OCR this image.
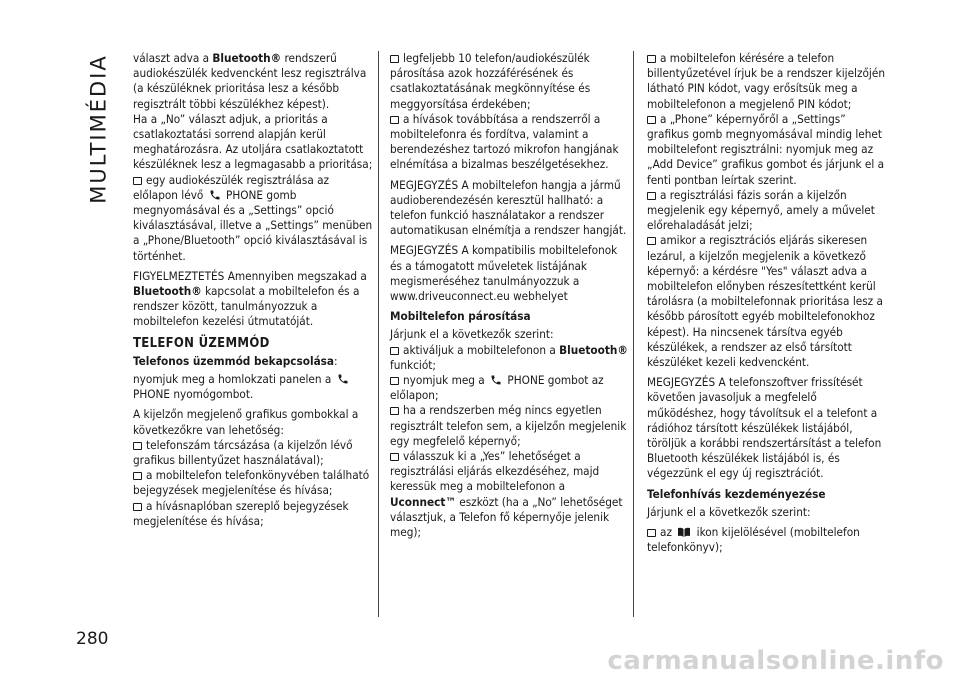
MULTIMÉDIA
280

választ adva a Bluetooth® rendszerű audiokészülék kedvencként lesz regisztrálva (a készüléknek prioritása lesz a később regisztrált többi készülékhez képest).

Ha a „No” választ adjuk, a prioritás a csatlakoztatási sorrend alapján kerül meghatározásra. Az utoljára csatlakoztatott készüléknek lesz a legmagasabb a prioritása;

egy audiokészülék regisztrálása az előlapon lévő  PHONE gomb megnyomásával és a „Settings” opció kiválasztásával, illetve a „Settings” menüben a „Phone/Bluetooth” opció kiválasztásával is történhet.

FIGYELMEZTETÉS Amennyiben megszakad a Bluetooth® kapcsolat a mobiltelefon és a rendszer között, tanulmányozzuk a mobiltelefon kezelési útmutatóját.

TELEFON ÜZEMMÓD
Telefonos üzemmód bekapcsolása:

nyomjuk meg a homlokzati panelen a  PHONE nyomógombot.

A kijelzőn megjelenő grafikus gombokkal a következőkre van lehetőség:

telefonszám tárcsázása (a kijelzőn lévő grafikus billentyűzet használatával);

a mobiltelefon telefonkönyvében található bejegyzések megjelenítése és hívása;

a hívásnaplóban szereplő bejegyzések megjelenítése és hívása;

legfeljebb 10 telefon/audiokészülék párosítása azok hozzáférésének és csatlakoztatásának megkönnyítése és meggyorsítása érdekében;

a hívások továbbítása a rendszerről a mobiltelefonra és fordítva, valamint a berendezéshez tartozó mikrofon hangjának elnémítása a bizalmas beszélgetésekhez.

MEGJEGYZÉS A mobiltelefon hangja a jármű audioberendezésén keresztül hallható: a telefon funkció használatakor a rendszer automatikusan elnémítja a rendszer hangját.

MEGJEGYZÉS A kompatibilis mobiltelefonok és a támogatott műveletek listájának megismeréséhez tanulmányozzuk a www.driveuconnect.eu webhelyet

Mobiltelefon párosítása

Járjunk el a következők szerint:

aktiváljuk a mobiltelefonon a Bluetooth® funkciót;

nyomjuk meg a  PHONE gombot az előlapon;

ha a rendszerben még nincs egyetlen regisztrált telefon sem, a kijelzőn megjelenik egy megfelelő képernyő;

válasszuk ki a „Yes” lehetőséget a regisztrálási eljárás elkezdéséhez, majd keressük meg a mobiltelefonon a Uconnect™ eszközt (ha a „No” lehetőséget választjuk, a Telefon fő képernyője jelenik meg);

a mobiltelefon kérésére a telefon billentyűzetével írjuk be a rendszer kijelzőjén látható PIN kódot, vagy erősítsük meg a mobiltelefonon a megjelenő PIN kódot;

a „Phone” képernyőről a „Settings” grafikus gomb megnyomásával mindig lehet mobiltelefont regisztrálni: nyomjuk meg az „Add Device” grafikus gombot és járjunk el a fenti pontban leírtak szerint.

a regisztrálási fázis során a kijelzőn megjelenik egy képernyő, amely a művelet előrehaladását jelzi;

amikor a regisztrációs eljárás sikeresen lezárul, a kijelzőn megjelenik a következő képernyő: a kérdésre "Yes" választ adva a mobiltelefon előnyben részesítettként kerül tárolásra (a mobiltelefonnak prioritása lesz a később párosított egyéb mobiltelefonokhoz képest). Ha nincsenek társítva egyéb készülékek, a rendszer az első társított készüléket kezeli kedvencként.

MEGJEGYZÉS A telefonszoftver frissítését követően javasoljuk a megfelelő működéshez, hogy távolítsuk el a telefont a rádióhoz társított készülékek listájából, töröljük a korábbi rendszertársítást a telefon Bluetooth készülékek listájából is, és végezzünk el egy új regisztrációt.

Telefonhívás kezdeményezése

Járjunk el a következők szerint:

az  ikon kijelölésével (mobiltelefon telefonkönyv);

carmanualsonline.info
